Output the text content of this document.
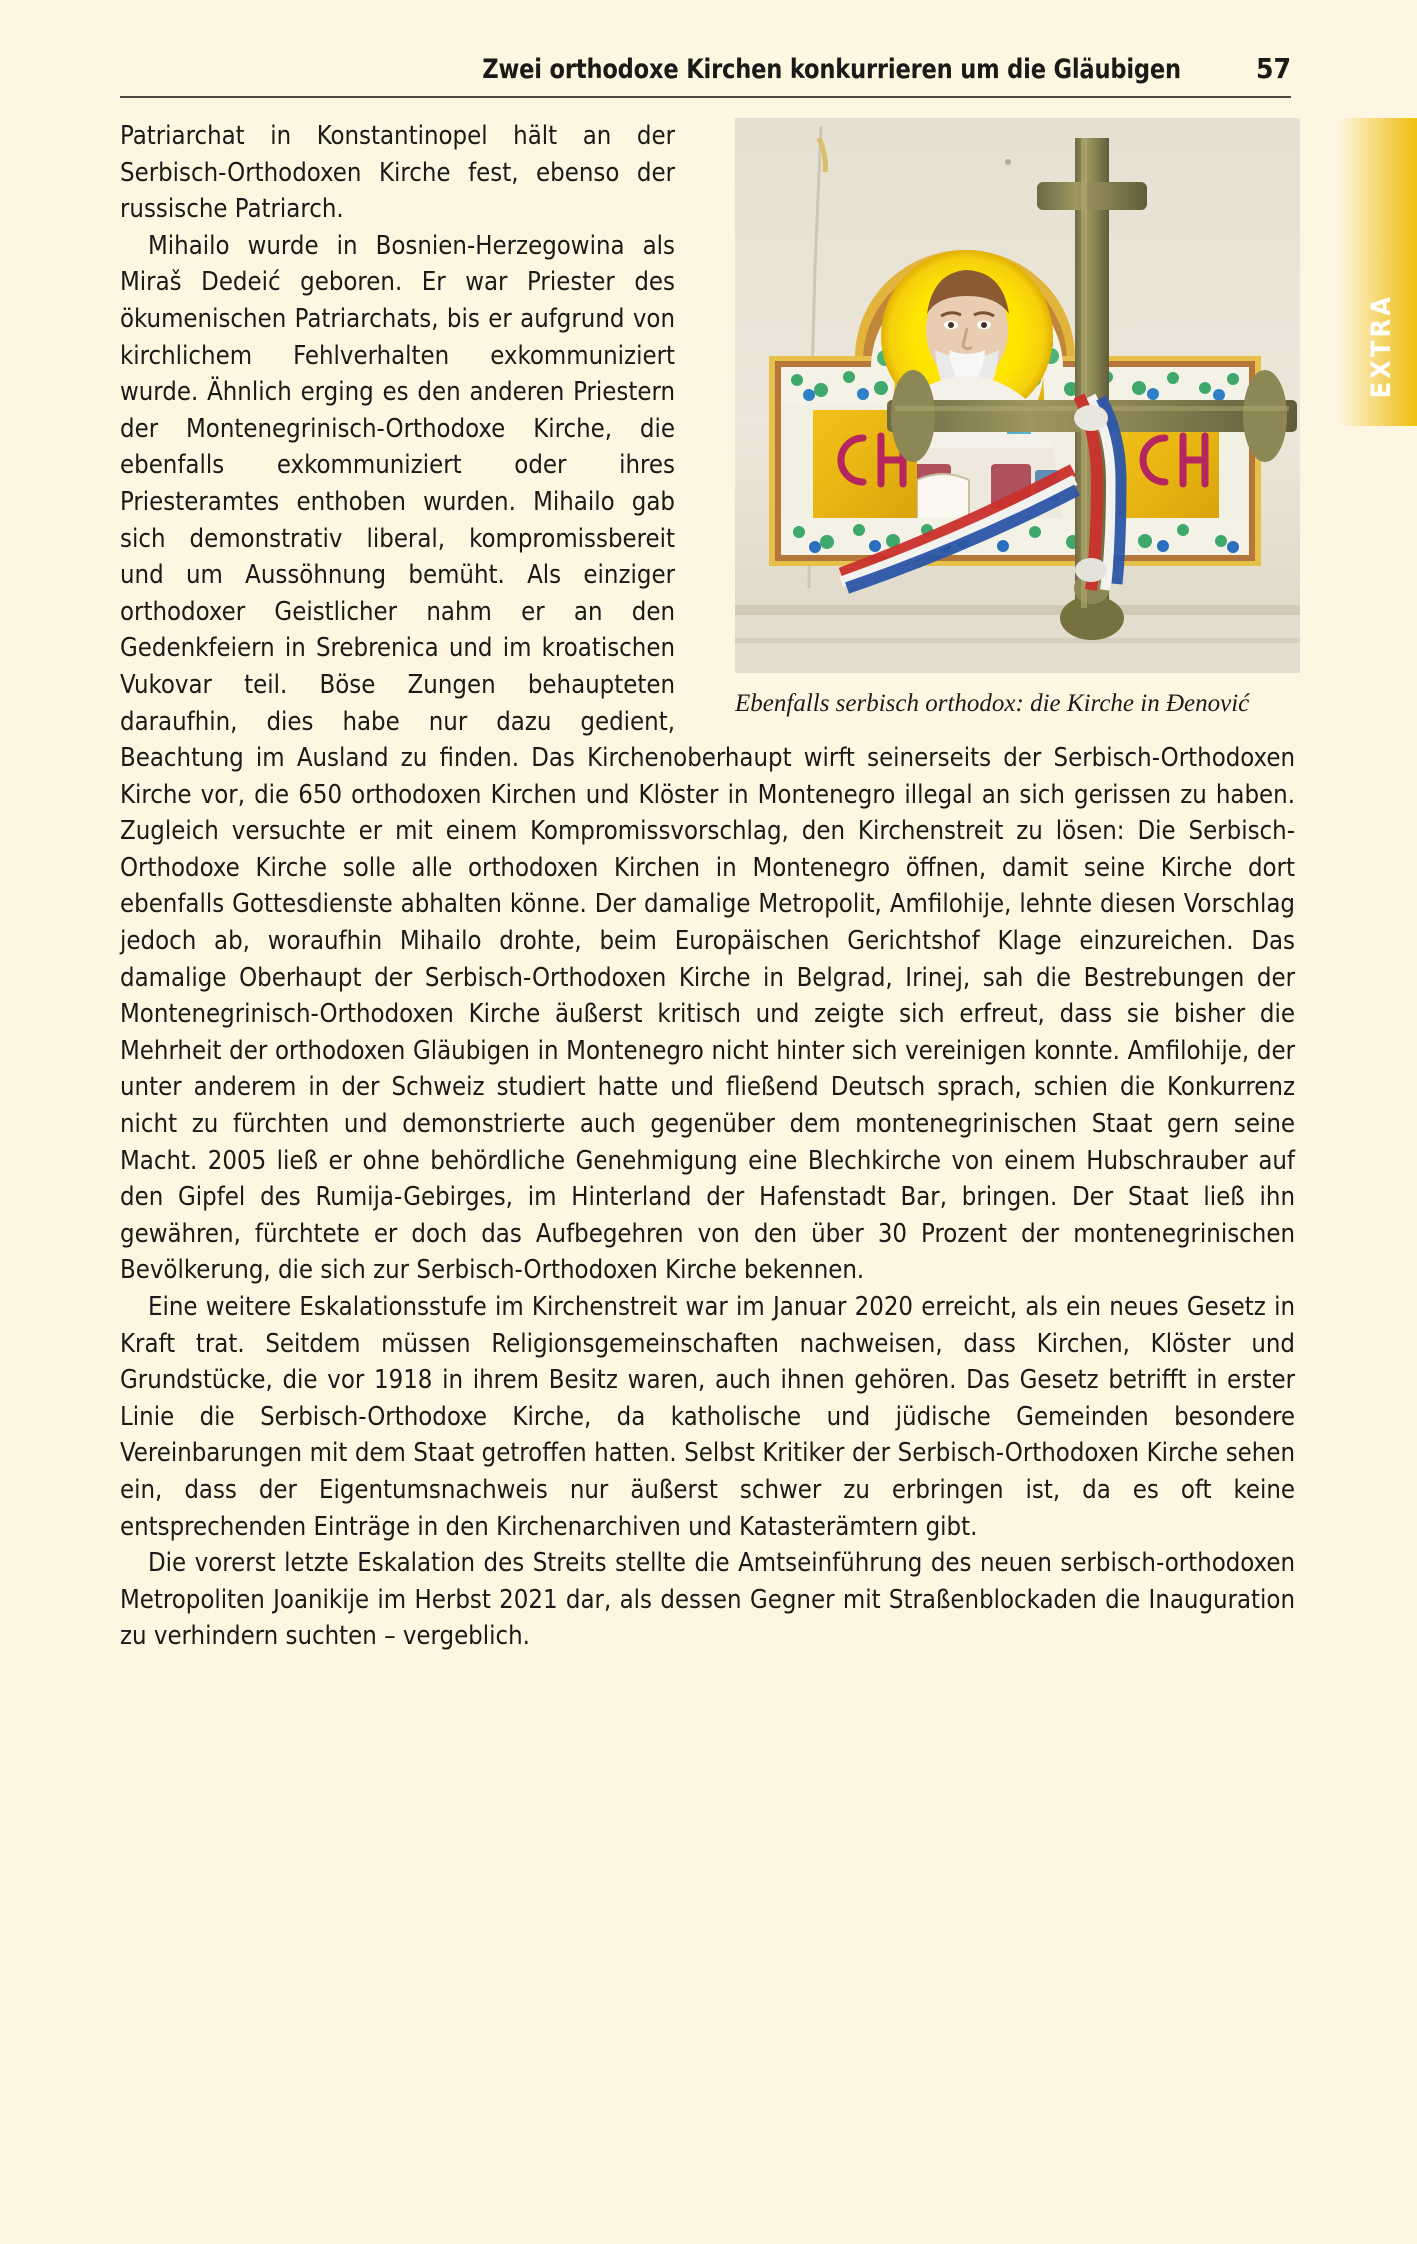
Zwei orthodoxe Kirchen konkurrieren um die Gläubigen	57
Ebenfalls serbisch orthodox: die Kirche in Ðenović

Patriarchat in Konstantinopel hält an der Serbisch-Orthodoxen Kirche fest, ebenso der russische Patriarch.

Mihailo wurde in Bosnien-Herzegowina als Miraš Dedeić geboren. Er war Priester des ökumenischen Patriarchats, bis er aufgrund von kirchlichem Fehlverhalten exkommuniziert wurde. Ähnlich erging es den anderen Priestern der Montenegrinisch-Orthodoxe Kirche, die ebenfalls exkommuniziert oder ihres Priesteramtes enthoben wurden. Mihailo gab sich demonstrativ liberal, kompromissbereit und um Aussöhnung bemüht. Als einziger orthodoxer Geistlicher nahm er an den Gedenkfeiern in Srebrenica und im kroatischen Vukovar teil. Böse Zungen behaupteten daraufhin, dies habe nur dazu gedient, Beachtung im Ausland zu finden. Das Kirchenoberhaupt wirft seinerseits der Serbisch-Orthodoxen Kirche vor, die 650 orthodoxen Kirchen und Klöster in Montenegro illegal an sich gerissen zu haben. Zugleich versuchte er mit einem Kompromissvorschlag, den Kirchenstreit zu lösen: Die Serbisch-Orthodoxe Kirche solle alle orthodoxen Kirchen in Montenegro öffnen, damit seine Kirche dort ebenfalls Gottesdienste abhalten könne. Der damalige Metropolit, Amfilohije, lehnte diesen Vorschlag jedoch ab, woraufhin Mihailo drohte, beim Europäischen Gerichtshof Klage einzureichen. Das damalige Oberhaupt der Serbisch-Orthodoxen Kirche in Belgrad, Irinej, sah die Bestrebungen der Montenegrinisch-Orthodoxen Kirche äußerst kritisch und zeigte sich erfreut, dass sie bisher die Mehrheit der orthodoxen Gläubigen in Montenegro nicht hinter sich vereinigen konnte. Amfilohije, der unter anderem in der Schweiz studiert hatte und fließend Deutsch sprach, schien die Konkurrenz nicht zu fürchten und demonstrierte auch gegenüber dem montenegrinischen Staat gern seine Macht. 2005 ließ er ohne behördliche Genehmigung eine Blechkirche von einem Hubschrauber auf den Gipfel des Rumija-Gebirges, im Hinterland der Hafenstadt Bar, bringen. Der Staat ließ ihn gewähren, fürchtete er doch das Aufbegehren von den über 30 Prozent der montenegrinischen Bevölkerung, die sich zur Serbisch-Orthodoxen Kirche bekennen.

Eine weitere Eskalationsstufe im Kirchenstreit war im Januar 2020 erreicht, als ein neues Gesetz in Kraft trat. Seitdem müssen Religionsgemeinschaften nachweisen, dass Kirchen, Klöster und Grundstücke, die vor 1918 in ihrem Besitz waren, auch ihnen gehören. Das Gesetz betrifft in erster Linie die Serbisch-Orthodoxe Kirche, da katholische und jüdische Gemeinden besondere Vereinbarungen mit dem Staat getroffen hatten. Selbst Kritiker der Serbisch-Orthodoxen Kirche sehen ein, dass der Eigentumsnachweis nur äußerst schwer zu erbringen ist, da es oft keine entsprechenden Einträge in den Kirchenarchiven und Katasterämtern gibt.

Die vorerst letzte Eskalation des Streits stellte die Amtseinführung des neuen serbisch-orthodoxen Metropoliten Joanikije im Herbst 2021 dar, als dessen Gegner mit Straßenblockaden die Inauguration zu verhindern suchten – vergeblich.

EXTRA
